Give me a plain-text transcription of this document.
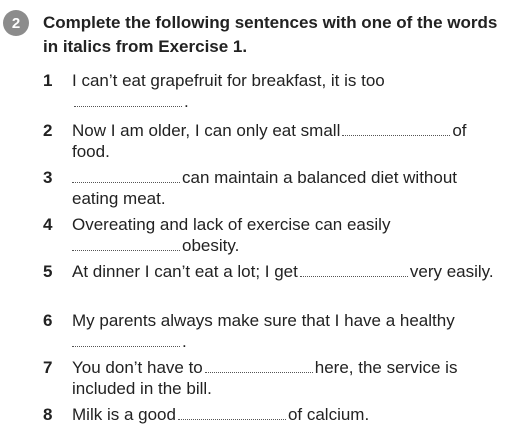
2	Complete the following sentences with one of the words in italics from Exercise 1.
1	I can’t eat grapefruit for breakfast, it is too
.
2	Now I am older, I can only eat small	of food.
3	can maintain a balanced diet without eating meat.
4	Overeating and lack of exercise can easily
obesity.
5	At dinner I can’t eat a lot; I get	very easily.
6	My parents always make sure that I have a healthy
.
7	You don’t have to	here, the service is included in the bill.
8	Milk is a good	of calcium.
